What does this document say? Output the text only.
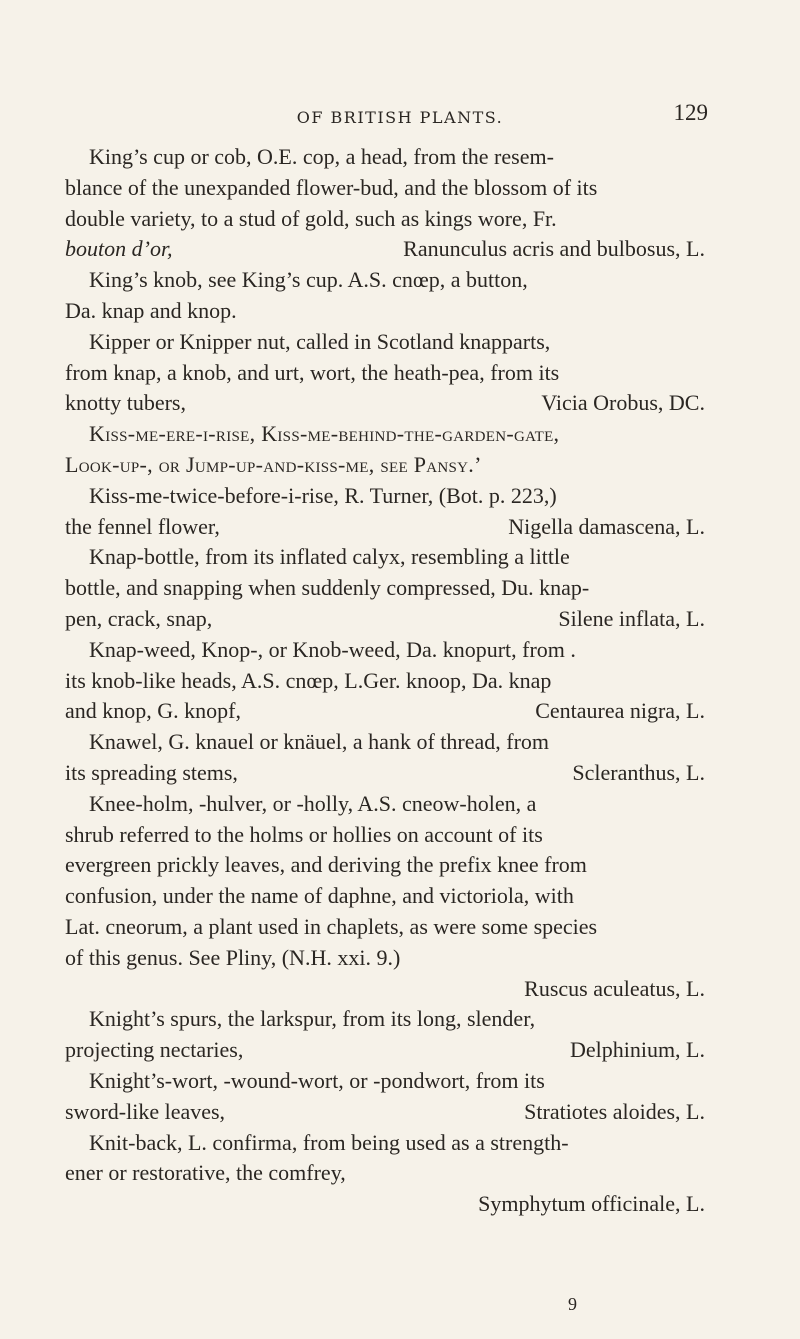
OF BRITISH PLANTS.	129
King’s cup or cob, O.E. cop, a head, from the resem-
blance of the unexpanded flower-bud, and the blossom of its
double variety, to a stud of gold, such as kings wore, Fr.
bouton d’or,	Ranunculus acris and bulbosus, L.
King’s knob, see King’s cup. A.S. cnœp, a button,
Da. knap and knop.
Kipper or Knipper nut, called in Scotland knapparts,
from knap, a knob, and urt, wort, the heath-pea, from its
knotty tubers,	Vicia Orobus, DC.
Kiss-me-ere-i-rise, Kiss-me-behind-the-garden-gate,
Look-up-, or Jump-up-and-kiss-me, see Pansy.’
Kiss-me-twice-before-i-rise, R. Turner, (Bot. p. 223,)
the fennel flower,	Nigella damascena, L.
Knap-bottle, from its inflated calyx, resembling a little
bottle, and snapping when suddenly compressed, Du. knap-
pen, crack, snap,	Silene inflata, L.
Knap-weed, Knop-, or Knob-weed, Da. knopurt, from .
its knob-like heads, A.S. cnœp, L.Ger. knoop, Da. knap
and knop, G. knopf,	Centaurea nigra, L.
Knawel, G. knauel or knäuel, a hank of thread, from
its spreading stems,	Scleranthus, L.
Knee-holm, -hulver, or -holly, A.S. cneow-holen, a
shrub referred to the holms or hollies on account of its
evergreen prickly leaves, and deriving the prefix knee from
confusion, under the name of daphne, and victoriola, with
Lat. cneorum, a plant used in chaplets, as were some species
of this genus. See Pliny, (N.H. xxi. 9.)
Ruscus aculeatus, L.
Knight’s spurs, the larkspur, from its long, slender,
projecting nectaries,	Delphinium, L.
Knight’s-wort, -wound-wort, or -pondwort, from its
sword-like leaves,	Stratiotes aloides, L.
Knit-back, L. confirma, from being used as a strength-
ener or restorative, the comfrey,
Symphytum officinale, L.
9
